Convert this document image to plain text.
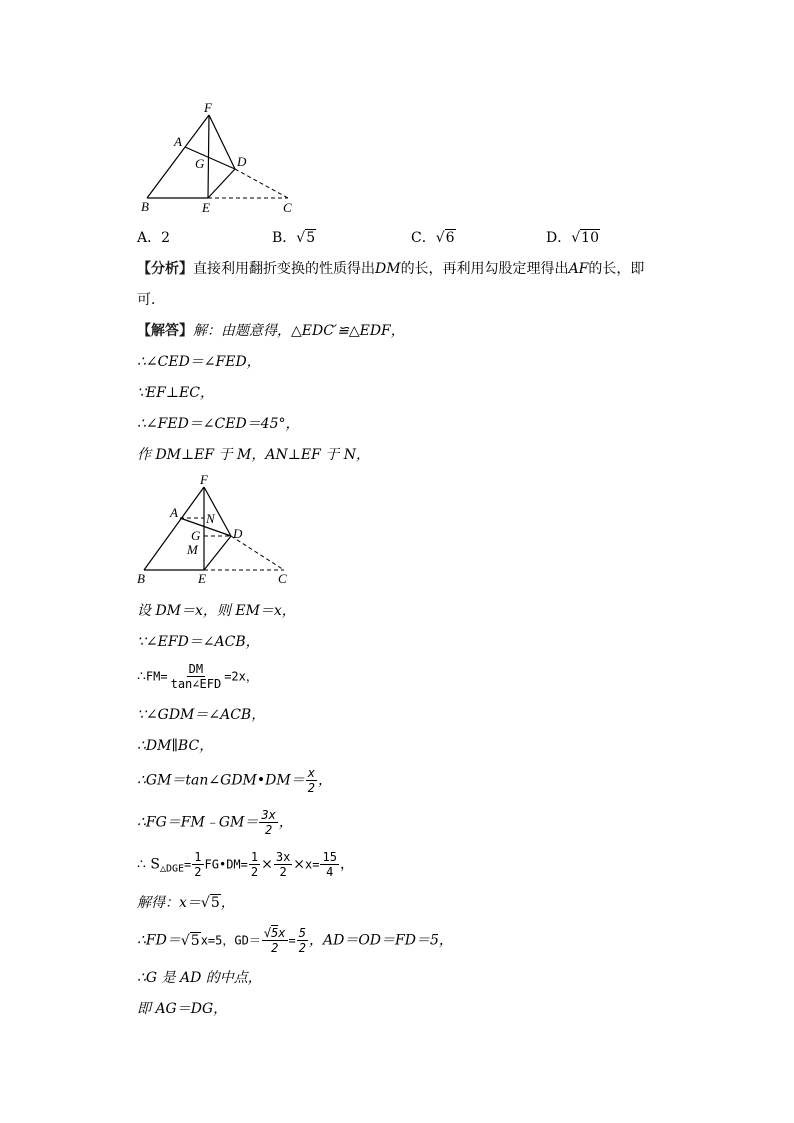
F
A
G	D
B	E	C
A．2	B．√5	C．√6	D．√10
【分析】直接利用翻折变换的性质得出DM的长，再利用勾股定理得出AF的长，即
可．
【解答】解：由题意得，△EDC′≌△EDF，
∴∠CED＝∠FED，
∵EF⊥EC，
∴∠FED＝∠CED＝45°，
作 DM⊥EF 于 M，AN⊥EF 于 N，
F
A N
G	D
M
B	E	C
设 DM＝x，则 EM＝x，
∵∠EFD＝∠ACB，
∴FM= $\frac{DM}{\text{tan∠EFD}} =2x$，
∵∠GDM＝∠ACB，
∴DM∥BC，
∴GM＝tan∠GDM•DM＝ $\frac{x}{2}$ ，
∴FG＝FM﹣GM＝ $\frac{3x}{2}$ ，
∴ $S_{\triangle DGE}= \frac{1}{2}$ FG•DM= $\frac{1}{2} \times \frac{3x}{2} \times x= \frac{15}{4}$ ，
解得：x＝√5，
∴FD＝√5x=5，$GD= \frac{√5x}{2} = \frac{5}{2}$ ，AD＝OD＝FD＝5，
∴G 是 AD 的中点，
即 AG＝DG，
